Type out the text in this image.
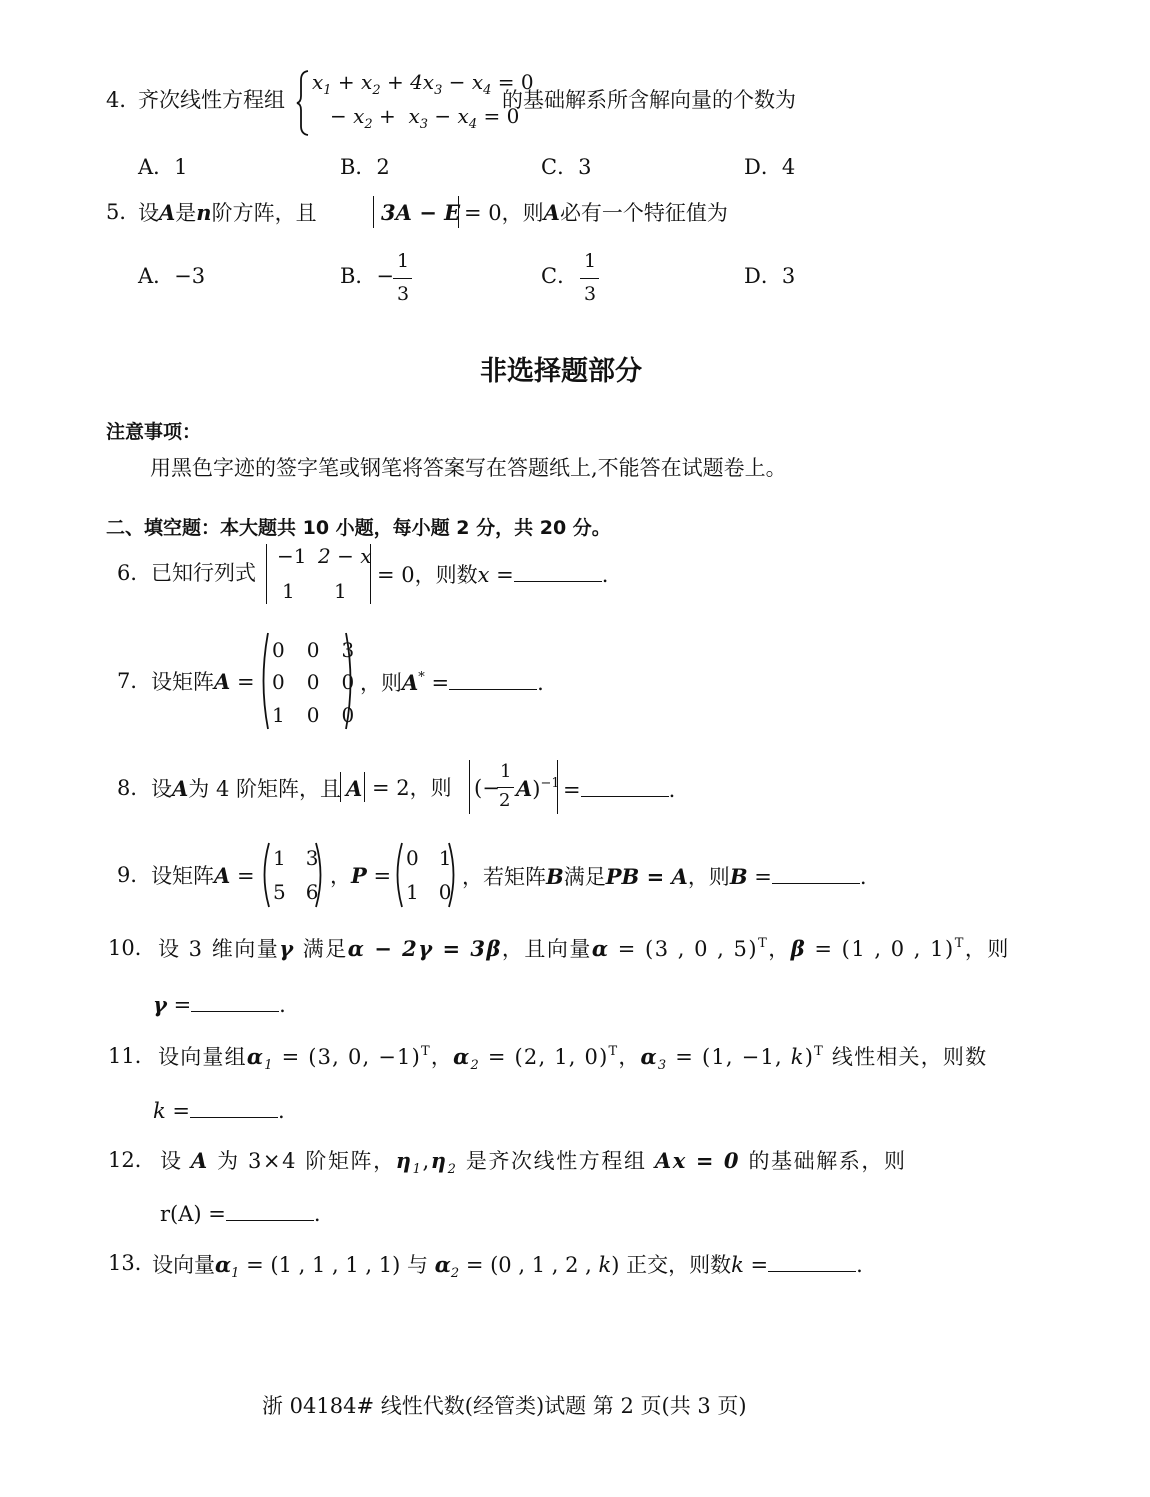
4．
齐次线性方程组
$x_1 + x_2 + 4x_3 - x_4 = 0$
− $x_2 + x_3 - x_4 = 0$
的基础解系所含解向量的个数为
A．1	B．2	C．3	D．4
5．
设A是n阶方阵，且	3A − E = 0，则A必有一个特征值为
A．−3	B．−
1
3
C．
1
3
D．3
非选择题部分
注意事项：
用黑色字迹的签字笔或钢笔将答案写在答题纸上,不能答在试题卷上。
二、填空题：本大题共 10 小题，每小题 2 分，共 20 分。
6． 已知行列式
−1 2 − x
1 1
= 0，则数x =	.
7． 设矩阵A =
0 0 3
0 0 0
1 0 0
，则A* =	.
8． 设A为 4 阶矩阵，且 A = 2，则 (−
1
2 A)$^{-1}$ =	.
9． 设矩阵A =
1 3
5 6
，P =
0 1
1 0
，若矩阵B满足PB = A，则B =	.
10． 设 3 维向量γ 满足α − 2γ = 3β，且向量α = (3 , 0 , 5)$^T$，β = (1 , 0 , 1)$^T$，则
γ =	.
11． 设向量组$\alpha_1 = (3$, 0, −1)$^T$，$\alpha_2 = (2$, 1, 0)$^T$，$\alpha_3 = (1$, −1, k)$^T$ 线性相关，则数
k =	.
12． 设 A 为 3×4 阶矩阵，$\eta_1,\eta_2$ 是齐次线性方程组 Ax = 0 的基础解系，则
r(A) =	.
13．
设向量$\alpha_1 = (1$ , 1 , 1 , 1) 与 $\alpha_2 = (0$ , 1 , 2 , k) 正交，则数k =	.
浙 04184# 线性代数(经管类)试题 第 2 页(共 3 页)
